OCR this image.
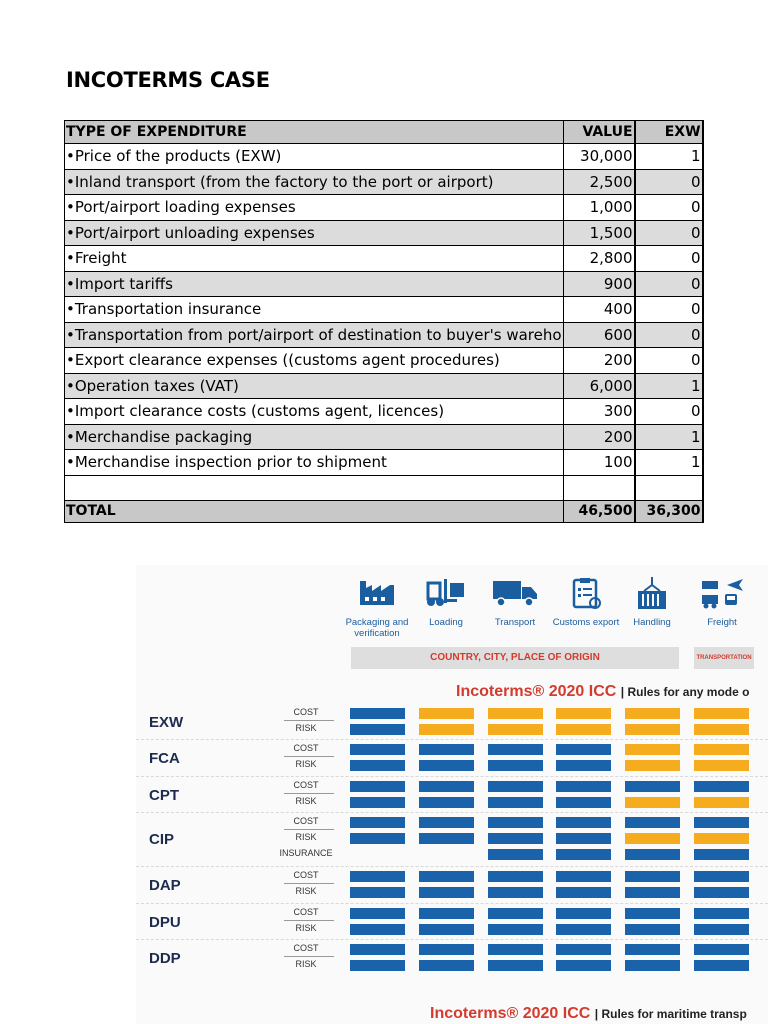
INCOTERMS CASE
TYPE OF EXPENDITURE	VALUE	EXW
•Price of the products (EXW)	30,000	1
•Inland transport (from the factory to the port or airport)	2,500	0
•Port/airport loading expenses	1,000	0
•Port/airport unloading expenses	1,500	0
•Freight	2,800	0
•Import tariffs	900	0
•Transportation insurance	400	0
•Transportation from port/airport of destination to buyer's wareho	600	0
•Export clearance expenses ((customs agent procedures)	200	0
•Operation taxes (VAT)	6,000	1
•Import clearance costs (customs agent, licences)	300	0
•Merchandise packaging	200	1
•Merchandise inspection prior to shipment	100	1

TOTAL	46,500	36,300
Packaging and verification
Loading	Transport	Customs export	Handling	Freight
COUNTRY, CITY, PLACE OF ORIGIN	TRANSPORTATION
Incoterms® 2020 ICC | Rules for any mode o
EXW
COST
RISK
FCA
COST
RISK
CPT
COST
RISK
CIP
COST
RISK
INSURANCE
DAP
COST
RISK
DPU
COST
RISK
DDP
COST
RISK
Incoterms® 2020 ICC | Rules for maritime transp
